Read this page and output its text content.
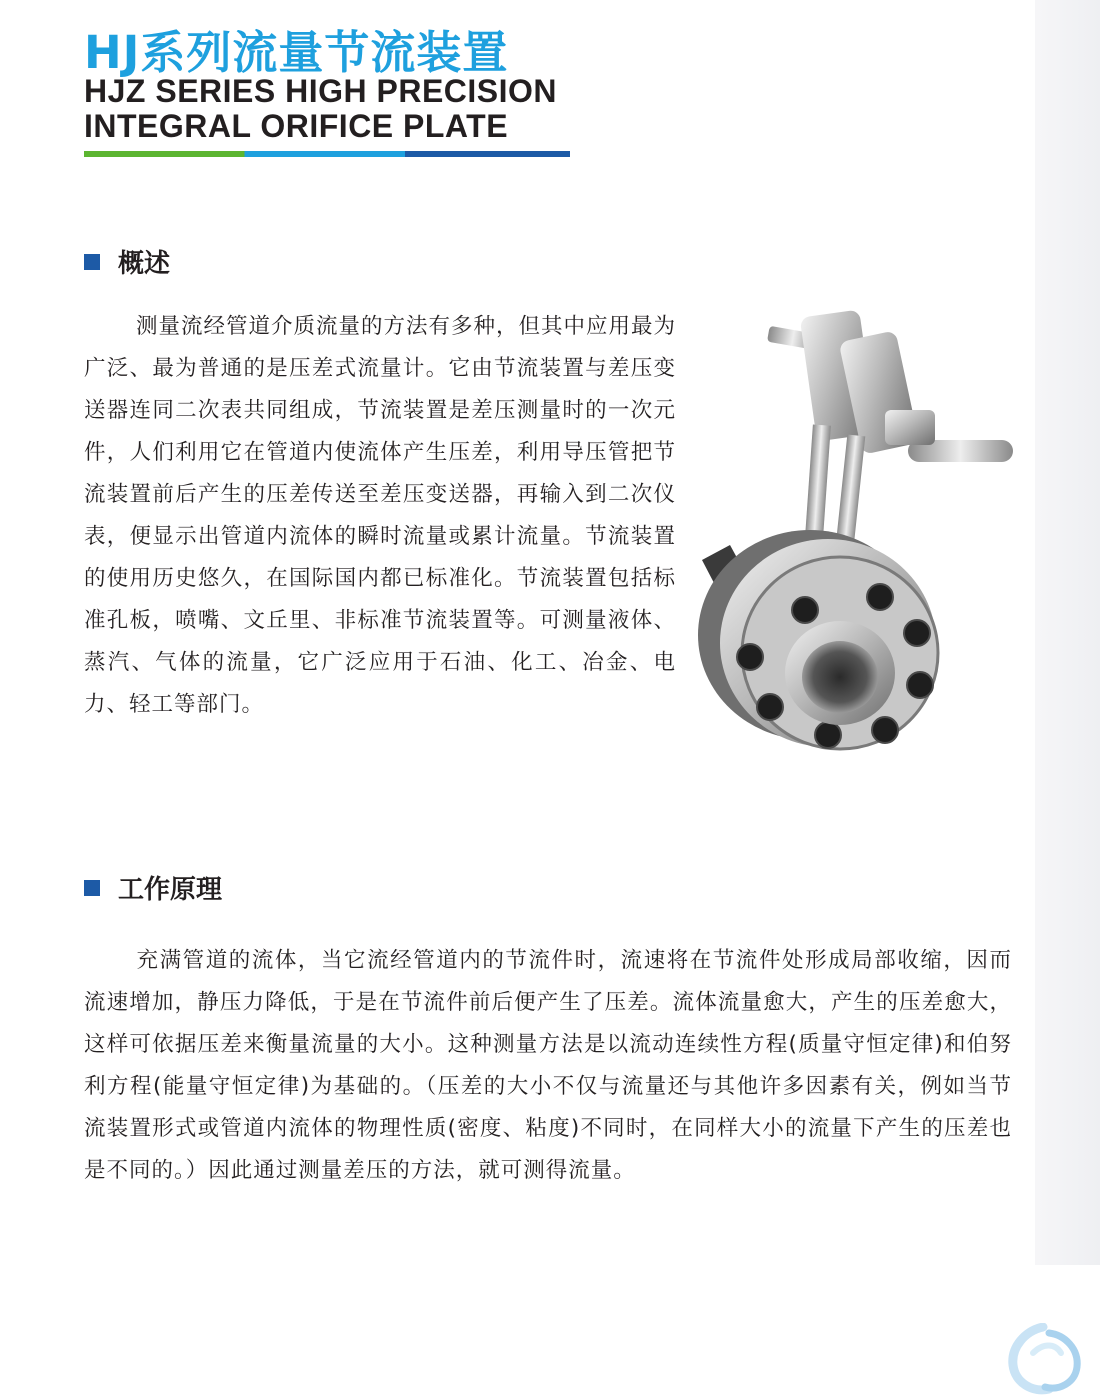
HJ系列流量节流装置
HJZ SERIES HIGH PRECISION
INTEGRAL ORIFICE PLATE
概述

测量流经管道介质流量的方法有多种，但其中应用最为广泛、最为普通的是压差式流量计。它由节流装置与差压变送器连同二次表共同组成，节流装置是差压测量时的一次元件，人们利用它在管道内使流体产生压差，利用导压管把节流装置前后产生的压差传送至差压变送器，再输入到二次仪表，便显示出管道内流体的瞬时流量或累计流量。节流装置的使用历史悠久，在国际国内都已标准化。节流装置包括标准孔板，喷嘴、文丘里、非标准节流装置等。可测量液体、蒸汽、气体的流量，它广泛应用于石油、化工、冶金、电力、轻工等部门。

工作原理

充满管道的流体，当它流经管道内的节流件时，流速将在节流件处形成局部收缩，因而流速增加，静压力降低，于是在节流件前后便产生了压差。流体流量愈大，产生的压差愈大，这样可依据压差来衡量流量的大小。这种测量方法是以流动连续性方程(质量守恒定律)和伯努利方程(能量守恒定律)为基础的。（压差的大小不仅与流量还与其他许多因素有关，例如当节流装置形式或管道内流体的物理性质(密度、粘度)不同时，在同样大小的流量下产生的压差也是不同的。）因此通过测量差压的方法，就可测得流量。
